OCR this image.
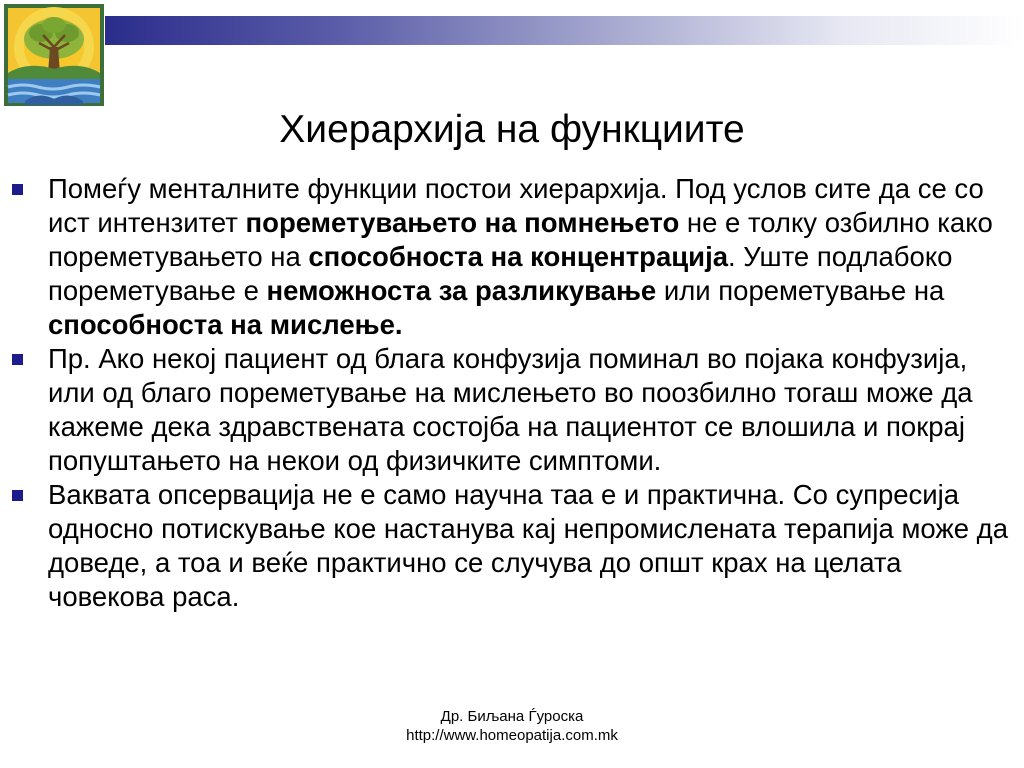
Хиерархија на функциите
Помеѓу менталните функции постои хиерархија. Под услов сите да се со ист интензитет пореметувањето на помнењето не е толку озбилно како пореметувањето на способноста на концентрација. Уште подлабоко пореметување е неможноста за разликување или пореметување на способноста на мислење.
Пр. Ако некој пациент од блага конфузија поминал во појака конфузија, или од благо пореметување на мислењето во поозбилно тогаш може да кажеме дека здравствената состојба на пациентот се влошила и покрај попуштањето на некои од физичките симптоми.
Ваквата опсервација не е само научна таа е и практична. Со супресија односно потискување кое настанува кај непромислената терапија може да доведе, а тоа и веќе практично се случува до општ крах на целата човекова раса.
Др. Биљана Ѓуроска
http://www.homeopatija.com.mk
